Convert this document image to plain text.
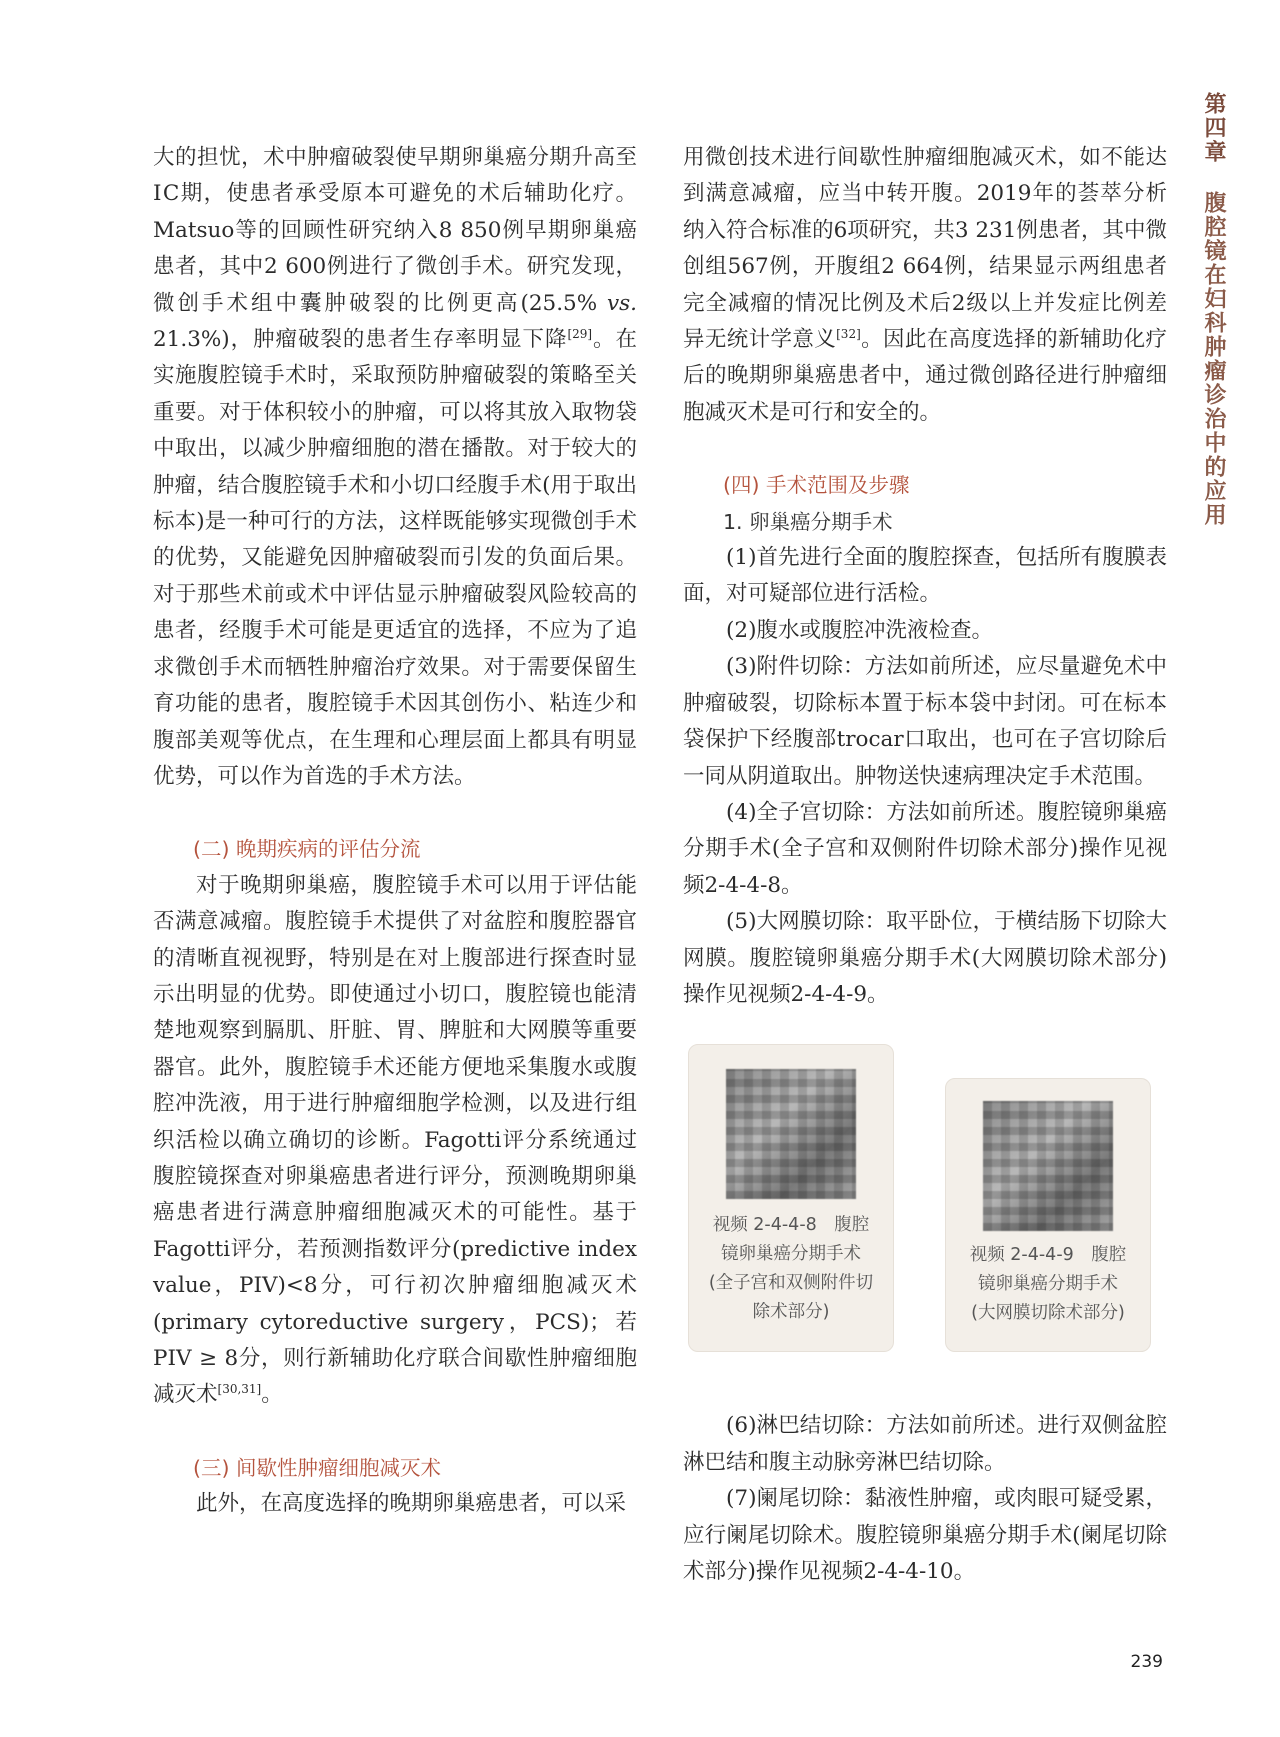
第四章 腹腔镜在妇科肿瘤诊治中的应用

大的担忧，术中肿瘤破裂使早期卵巢癌分期升高至ⅠC期，使患者承受原本可避免的术后辅助化疗。Matsuo等的回顾性研究纳入8 850例早期卵巢癌患者，其中2 600例进行了微创手术。研究发现，微创手术组中囊肿破裂的比例更高(25.5% vs. 21.3%)，肿瘤破裂的患者生存率明显下降[29]。在实施腹腔镜手术时，采取预防肿瘤破裂的策略至关重要。对于体积较小的肿瘤，可以将其放入取物袋中取出，以减少肿瘤细胞的潜在播散。对于较大的肿瘤，结合腹腔镜手术和小切口经腹手术(用于取出标本)是一种可行的方法，这样既能够实现微创手术的优势，又能避免因肿瘤破裂而引发的负面后果。对于那些术前或术中评估显示肿瘤破裂风险较高的患者，经腹手术可能是更适宜的选择，不应为了追求微创手术而牺牲肿瘤治疗效果。对于需要保留生育功能的患者，腹腔镜手术因其创伤小、粘连少和腹部美观等优点，在生理和心理层面上都具有明显优势，可以作为首选的手术方法。

(二) 晚期疾病的评估分流

对于晚期卵巢癌，腹腔镜手术可以用于评估能否满意减瘤。腹腔镜手术提供了对盆腔和腹腔器官的清晰直视视野，特别是在对上腹部进行探查时显示出明显的优势。即使通过小切口，腹腔镜也能清楚地观察到膈肌、肝脏、胃、脾脏和大网膜等重要器官。此外，腹腔镜手术还能方便地采集腹水或腹腔冲洗液，用于进行肿瘤细胞学检测，以及进行组织活检以确立确切的诊断。Fagotti评分系统通过腹腔镜探查对卵巢癌患者进行评分，预测晚期卵巢癌患者进行满意肿瘤细胞减灭术的可能性。基于Fagotti评分，若预测指数评分(predictive index value，PIV)<8分，可行初次肿瘤细胞减灭术(primary cytoreductive surgery，PCS)；若PIV ≥ 8分，则行新辅助化疗联合间歇性肿瘤细胞减灭术[30,31]。

(三) 间歇性肿瘤细胞减灭术

此外，在高度选择的晚期卵巢癌患者，可以采

用微创技术进行间歇性肿瘤细胞减灭术，如不能达到满意减瘤，应当中转开腹。2019年的荟萃分析纳入符合标准的6项研究，共3 231例患者，其中微创组567例，开腹组2 664例，结果显示两组患者完全减瘤的情况比例及术后2级以上并发症比例差异无统计学意义[32]。因此在高度选择的新辅助化疗后的晚期卵巢癌患者中，通过微创路径进行肿瘤细胞减灭术是可行和安全的。

(四) 手术范围及步骤

1. 卵巢癌分期手术

(1)首先进行全面的腹腔探查，包括所有腹膜表面，对可疑部位进行活检。

(2)腹水或腹腔冲洗液检查。

(3)附件切除：方法如前所述，应尽量避免术中肿瘤破裂，切除标本置于标本袋中封闭。可在标本袋保护下经腹部trocar口取出，也可在子宫切除后一同从阴道取出。肿物送快速病理决定手术范围。

(4)全子宫切除：方法如前所述。腹腔镜卵巢癌分期手术(全子宫和双侧附件切除术部分)操作见视频2-4-4-8。

(5)大网膜切除：取平卧位，于横结肠下切除大网膜。腹腔镜卵巢癌分期手术(大网膜切除术部分)操作见视频2-4-4-9。

(6)淋巴结切除：方法如前所述。进行双侧盆腔淋巴结和腹主动脉旁淋巴结切除。

(7)阑尾切除：黏液性肿瘤，或肉眼可疑受累，应行阑尾切除术。腹腔镜卵巢癌分期手术(阑尾切除术部分)操作见视频2-4-4-10。

视频 2-4-4-8　腹腔
镜卵巢癌分期手术
(全子宫和双侧附件切
除术部分)
视频 2-4-4-9　腹腔
镜卵巢癌分期手术
(大网膜切除术部分)
239
